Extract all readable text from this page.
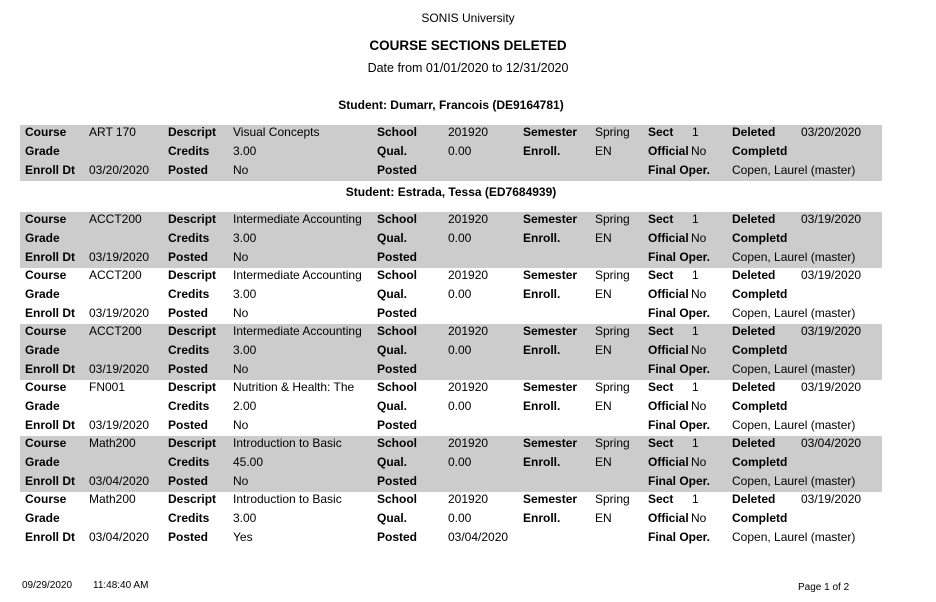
SONIS University
COURSE SECTIONS DELETED
Date from 01/01/2020 to 12/31/2020
Student: Dumarr, Francois (DE9164781)
Course
Grade
Enroll Dt
ART 170
03/20/2020
Descript
Credits
Posted
Visual Concepts
3.00
No
School
Qual.
Posted
201920
0.00
Semester
Enroll.
Spring
EN
Sect
Official
Final Oper.
1
No
Deleted
Completd
Copen, Laurel (master)
03/20/2020
Student: Estrada, Tessa (ED7684939)
Course
Grade
Enroll Dt
ACCT200
03/19/2020
Descript
Credits
Posted
Intermediate Accounting
3.00
No
School
Qual.
Posted
201920
0.00
Semester
Enroll.
Spring
EN
Sect
Official
Final Oper.
1
No
Deleted
Completd
Copen, Laurel (master)
03/19/2020
Course
Grade
Enroll Dt
ACCT200
03/19/2020
Descript
Credits
Posted
Intermediate Accounting
3.00
No
School
Qual.
Posted
201920
0.00
Semester
Enroll.
Spring
EN
Sect
Official
Final Oper.
1
No
Deleted
Completd
Copen, Laurel (master)
03/19/2020
Course
Grade
Enroll Dt
ACCT200
03/19/2020
Descript
Credits
Posted
Intermediate Accounting
3.00
No
School
Qual.
Posted
201920
0.00
Semester
Enroll.
Spring
EN
Sect
Official
Final Oper.
1
No
Deleted
Completd
Copen, Laurel (master)
03/19/2020
Course
Grade
Enroll Dt
FN001
03/19/2020
Descript
Credits
Posted
Nutrition & Health: The
2.00
No
School
Qual.
Posted
201920
0.00
Semester
Enroll.
Spring
EN
Sect
Official
Final Oper.
1
No
Deleted
Completd
Copen, Laurel (master)
03/19/2020
Course
Grade
Enroll Dt
Math200
03/04/2020
Descript
Credits
Posted
Introduction to Basic
45.00
No
School
Qual.
Posted
201920
0.00
Semester
Enroll.
Spring
EN
Sect
Official
Final Oper.
1
No
Deleted
Completd
Copen, Laurel (master)
03/04/2020
Course
Grade
Enroll Dt
Math200
03/04/2020
Descript
Credits
Posted
Introduction to Basic
3.00
Yes
School
Qual.
Posted
201920
0.00
03/04/2020
Semester
Enroll.
Spring
EN
Sect
Official
Final Oper.
1
No
Deleted
Completd
Copen, Laurel (master)
03/19/2020
09/29/2020 11:48:40 AM	Page 1 of 2
